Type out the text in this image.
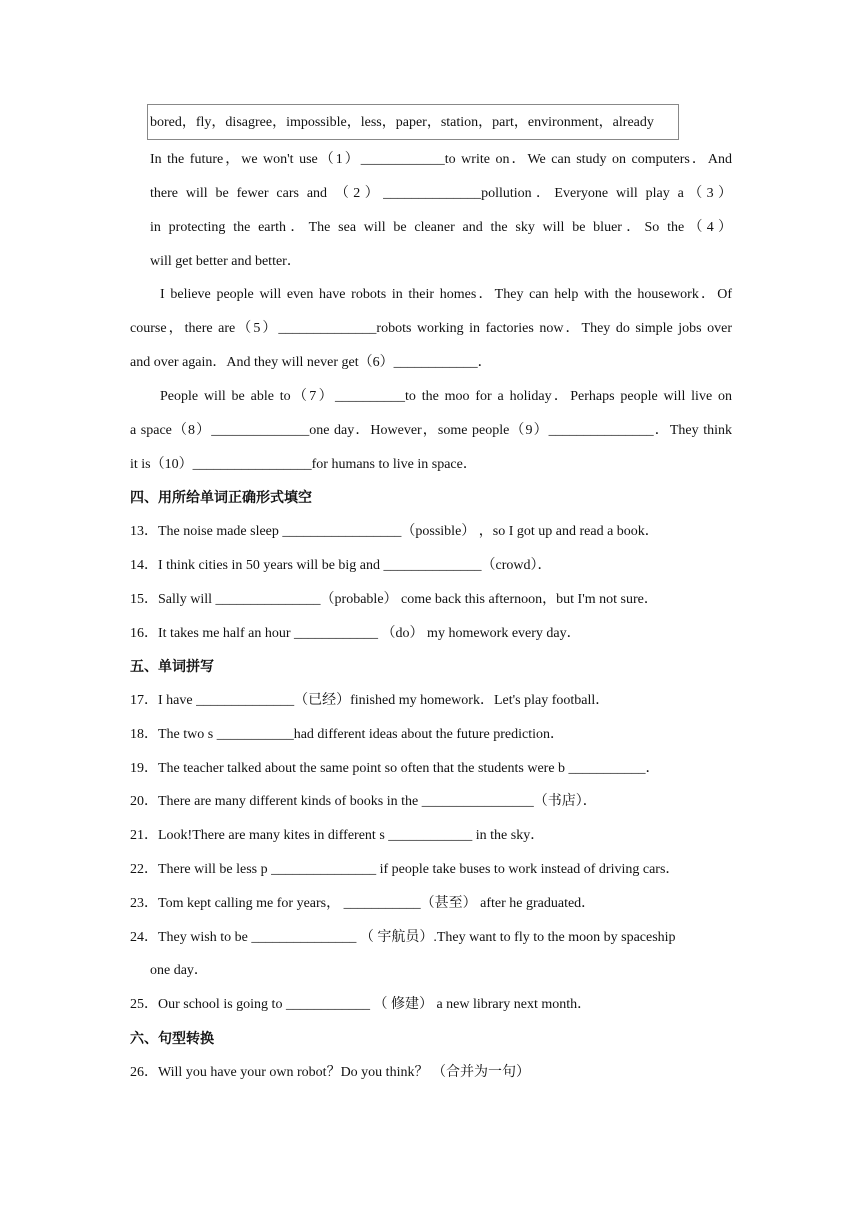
bored，fly，disagree，impossible，less，paper，station，part，environment，already
In the future，we won't use（1）____________to write on．We can study on computers．And
there will be fewer cars and （2）______________pollution．Everyone will play a（3）
in protecting the earth．The sea will be cleaner and the sky will be bluer．So the（4）
will get better and better．
I believe people will even have robots in their homes．They can help with the housework．Of
course，there are（5）______________robots working in factories now．They do simple jobs over
and over again．And they will never get（6）____________．
People will be able to（7）__________to the moo for a holiday．Perhaps people will live on
a space（8）______________one day．However，some people（9）_______________．They think
it is（10）_________________for humans to live in space．
四、用所给单词正确形式填空
13．The noise made sleep _________________（possible） ，so I got up and read a book．
14．I think cities in 50 years will be big and ______________（crowd）．
15．Sally will _______________（probable） come back this afternoon，but I'm not sure．
16．It takes me half an hour ____________ （do） my homework every day．
五、单词拼写
17．I have ______________（已经）finished my homework．Let's play football．
18．The two s ___________had different ideas about the future prediction．
19．The teacher talked about the same point so often that the students were b ___________．
20．There are many different kinds of books in the ________________（书店）．
21．Look!There are many kites in different s ____________ in the sky．
22．There will be less p _______________ if people take buses to work instead of driving cars．
23．Tom kept calling me for years， ___________（甚至） after he graduated．
24．They wish to be _______________ （ 宇航员）.They want to fly to the moon by spaceship
one day．
25．Our school is going to ____________ （ 修建） a new library next month．
六、句型转换
26．Will you have your own robot？Do you think？ （合并为一句）
